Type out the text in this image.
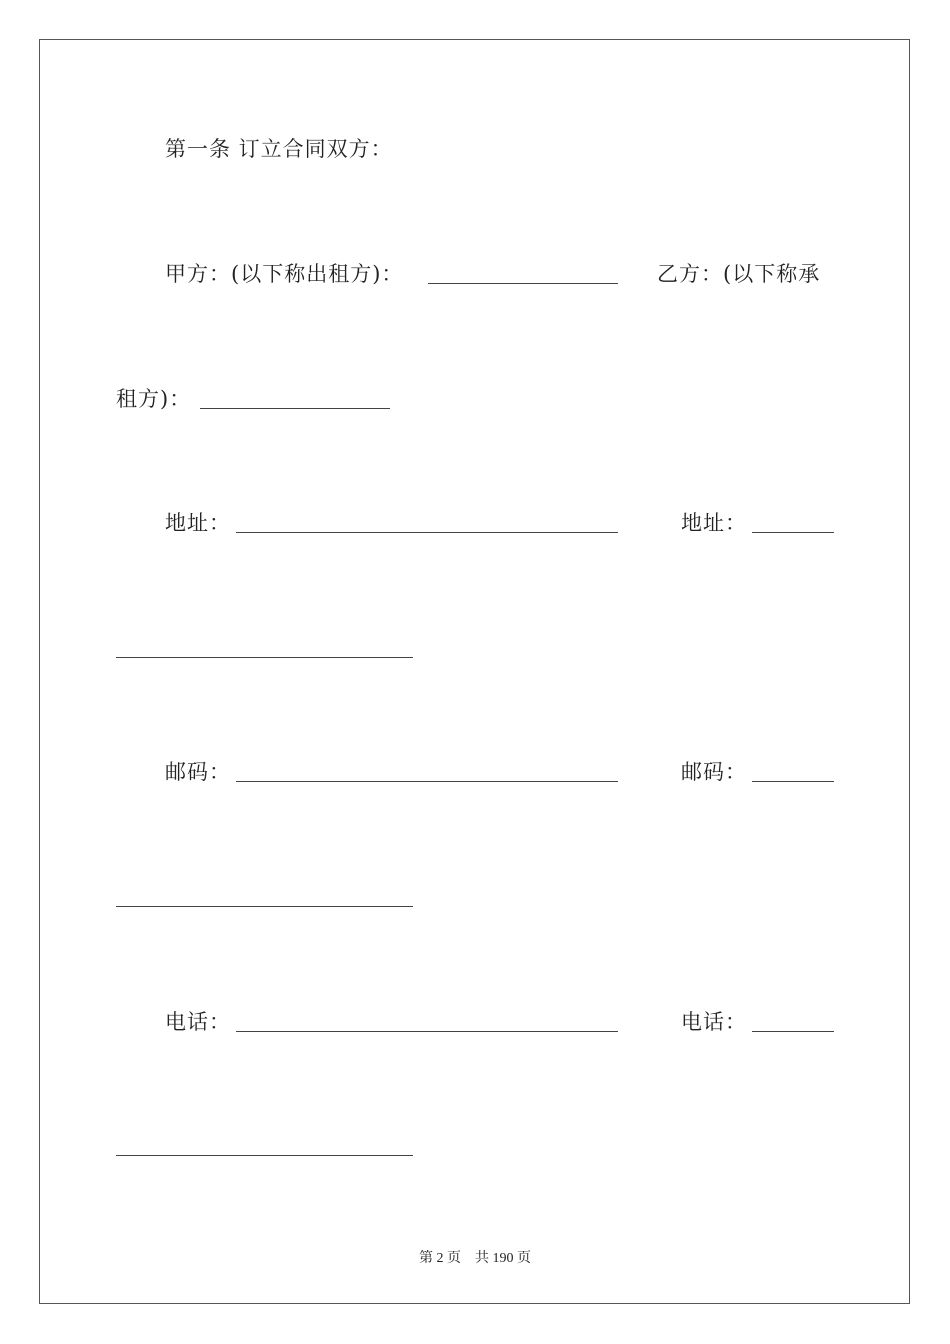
第一条 订立合同双方：
甲方：(以下称出租方)：	乙方：(以下称承
租方)：
地址：	地址：
邮码：	邮码：
电话：	电话：
第 2 页　共 190 页
